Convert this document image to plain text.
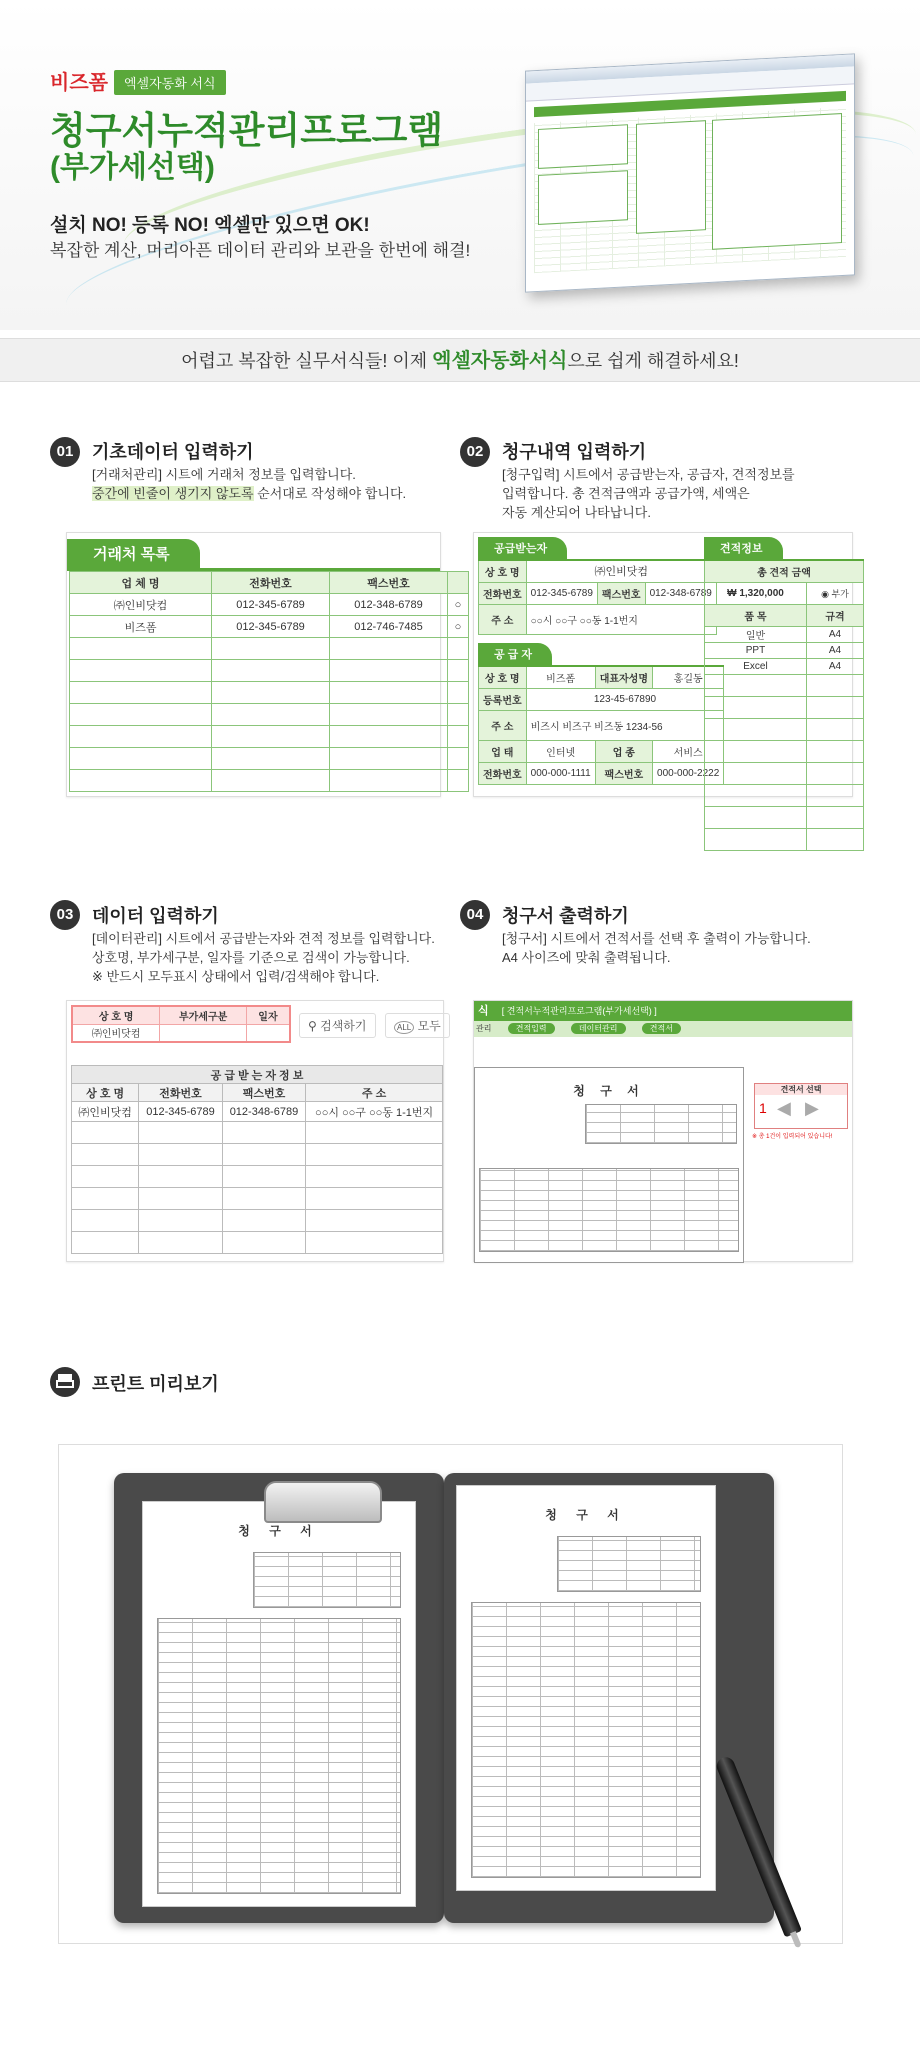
비즈폼	엑셀자동화 서식
청구서누적관리프로그램
(부가세선택)
설치 NO! 등록 NO! 엑셀만 있으면 OK!
복잡한 계산, 머리아픈 데이터 관리와 보관을 한번에 해결!
어렵고 복잡한 실무서식들! 이제 엑셀자동화서식으로 쉽게 해결하세요!
01	기초데이터 입력하기
[거래처관리] 시트에 거래처 정보를 입력합니다.
중간에 빈줄이 생기지 않도록 순서대로 작성해야 합니다.
거래처 목록
업 체 명	전화번호	팩스번호	
㈜인비닷컴	012-345-6789	012-348-6789	○
비즈폼	012-345-6789	012-746-7485	○

02	청구내역 입력하기
[청구입력] 시트에서 공급받는자, 공급자, 견적정보를
입력합니다. 총 견적금액과 공급가액, 세액은
자동 계산되어 나타납니다.
공급받는자
상 호 명	㈜인비닷컴		
전화번호	012-345-6789	팩스번호	012-348-6789
주 소	○○시 ○○구 ○○동 1-1번지		
공 급 자
상 호 명	비즈폼	대표자성명	홍길동
등록번호	123-45-67890		
주 소	비즈시 비즈구 비즈동 1234-56		
업 태	인터넷	업 종	서비스
전화번호	000-000-1111	팩스번호	000-000-2222
견적정보
총 견적 금액	
₩ 1,320,000	◉ 부가
품 목	규격
일반	A4
PPT	A4
Excel	A4

03	데이터 입력하기
[데이터관리] 시트에서 공급받는자와 견적 정보를 입력합니다.
상호명, 부가세구분, 일자를 기준으로 검색이 가능합니다.
※ 반드시 모두표시 상태에서 입력/검색해야 합니다.
상 호 명	부가세구분	일자
㈜인비닷컴		
⚲ 검색하기	ALL 모두
공 급 받 는 자 정 보			
상 호 명	전화번호	팩스번호	주 소
㈜인비닷컴	012-345-6789	012-348-6789	○○시 ○○구 ○○동 1-1번지

04	청구서 출력하기
[청구서] 시트에서 견적서를 선택 후 출력이 가능합니다.
A4 사이즈에 맞춰 출력됩니다.
식 [ 견적서누적관리프로그램(부가세선택) ]
관리	견적입력	데이터관리	견적서
청 구 서	견적서 선택
1 ◀ ▶
※ 총 1건이 입력되어 있습니다!
프린트 미리보기
청 구 서
청 구 서
